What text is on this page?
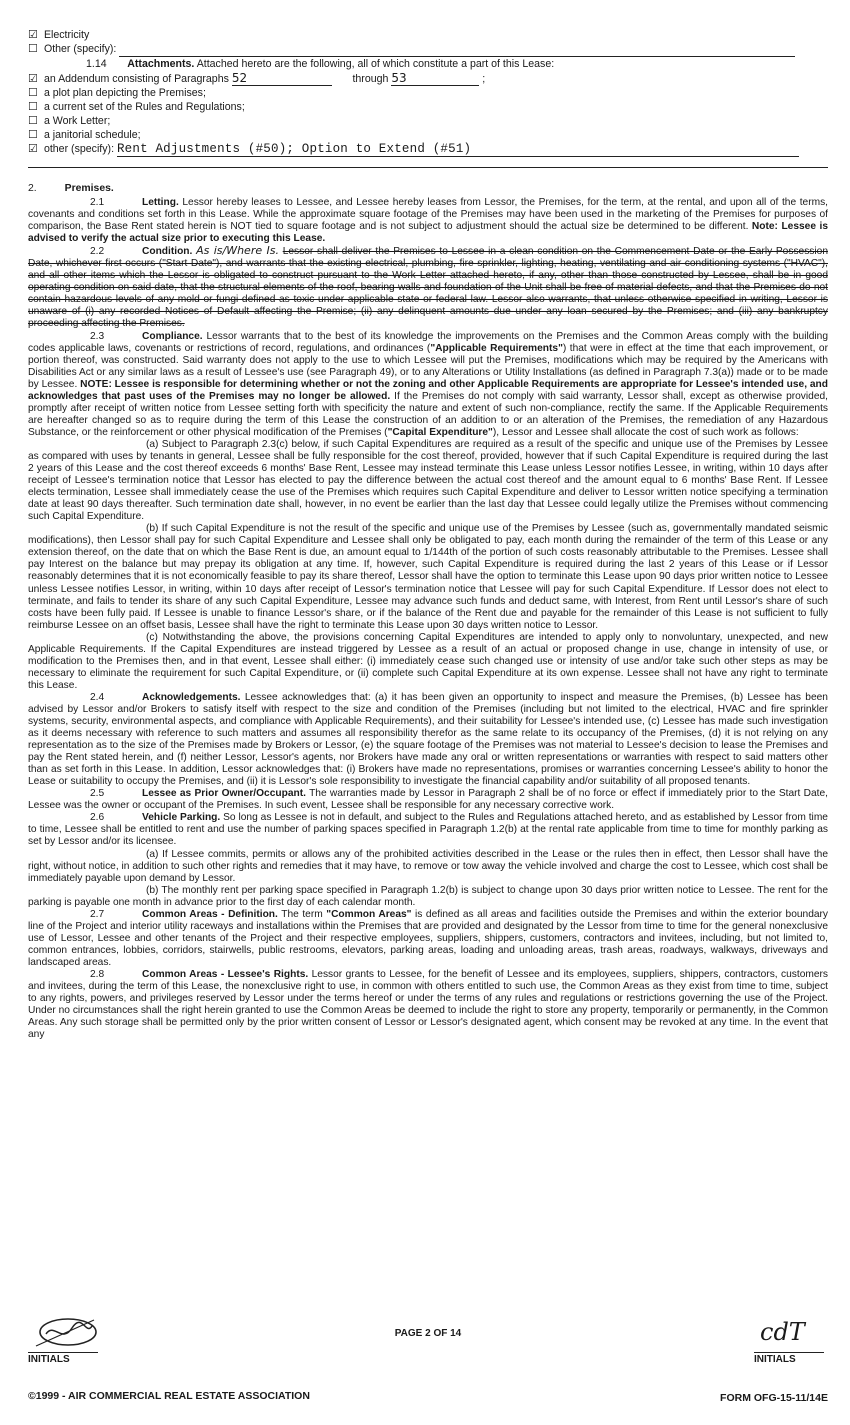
☑ Electricity
☐ Other (specify):
1.14 Attachments. Attached hereto are the following, all of which constitute a part of this Lease:
☑ an Addendum consisting of Paragraphs 52	through 53	;
☐ a plot plan depicting the Premises;
☐ a current set of the Rules and Regulations;
☐ a Work Letter;
☐ a janitorial schedule;
☑ other (specify): Rent Adjustments (#50); Option to Extend (#51)
2.	Premises.

2.1	Letting. Lessor hereby leases to Lessee, and Lessee hereby leases from Lessor, the Premises, for the term, at the rental, and upon all of the terms, covenants and conditions set forth in this Lease. While the approximate square footage of the Premises may have been used in the marketing of the Premises for purposes of comparison, the Base Rent stated herein is NOT tied to square footage and is not subject to adjustment should the actual size be determined to be different. Note: Lessee is advised to verify the actual size prior to executing this Lease.

2.2	Condition. As is/Where Is. Lessor shall deliver the Premises to Lessee in a clean condition on the Commencement Date or the Early Possession Date, whichever first occurs ("Start Date"), and warrants that the existing electrical, plumbing, fire sprinkler, lighting, heating, ventilating and air conditioning systems ("HVAC"), and all other items which the Lessor is obligated to construct pursuant to the Work Letter attached hereto, if any, other than those constructed by Lessee, shall be in good operating condition on said date, that the structural elements of the roof, bearing walls and foundation of the Unit shall be free of material defects, and that the Premises do not contain hazardous levels of any mold or fungi defined as toxic under applicable state or federal law. Lessor also warrants, that unless otherwise specified in writing, Lessor is unaware of (i) any recorded Notices of Default affecting the Premise; (ii) any delinquent amounts due under any loan secured by the Premises; and (iii) any bankruptcy proceeding affecting the Premises.

2.3	Compliance. Lessor warrants that to the best of its knowledge the improvements on the Premises and the Common Areas comply with the building codes applicable laws, covenants or restrictions of record, regulations, and ordinances ("Applicable Requirements") that were in effect at the time that each improvement, or portion thereof, was constructed. Said warranty does not apply to the use to which Lessee will put the Premises, modifications which may be required by the Americans with Disabilities Act or any similar laws as a result of Lessee's use (see Paragraph 49), or to any Alterations or Utility Installations (as defined in Paragraph 7.3(a)) made or to be made by Lessee. NOTE: Lessee is responsible for determining whether or not the zoning and other Applicable Requirements are appropriate for Lessee's intended use, and acknowledges that past uses of the Premises may no longer be allowed. If the Premises do not comply with said warranty, Lessor shall, except as otherwise provided, promptly after receipt of written notice from Lessee setting forth with specificity the nature and extent of such non-compliance, rectify the same. If the Applicable Requirements are hereafter changed so as to require during the term of this Lease the construction of an addition to or an alteration of the Premises, the remediation of any Hazardous Substance, or the reinforcement or other physical modification of the Premises ("Capital Expenditure"), Lessor and Lessee shall allocate the cost of such work as follows:

(a) Subject to Paragraph 2.3(c) below, if such Capital Expenditures are required as a result of the specific and unique use of the Premises by Lessee as compared with uses by tenants in general, Lessee shall be fully responsible for the cost thereof, provided, however that if such Capital Expenditure is required during the last 2 years of this Lease and the cost thereof exceeds 6 months' Base Rent, Lessee may instead terminate this Lease unless Lessor notifies Lessee, in writing, within 10 days after receipt of Lessee's termination notice that Lessor has elected to pay the difference between the actual cost thereof and the amount equal to 6 months' Base Rent. If Lessee elects termination, Lessee shall immediately cease the use of the Premises which requires such Capital Expenditure and deliver to Lessor written notice specifying a termination date at least 90 days thereafter. Such termination date shall, however, in no event be earlier than the last day that Lessee could legally utilize the Premises without commencing such Capital Expenditure.

(b) If such Capital Expenditure is not the result of the specific and unique use of the Premises by Lessee (such as, governmentally mandated seismic modifications), then Lessor shall pay for such Capital Expenditure and Lessee shall only be obligated to pay, each month during the remainder of the term of this Lease or any extension thereof, on the date that on which the Base Rent is due, an amount equal to 1/144th of the portion of such costs reasonably attributable to the Premises. Lessee shall pay Interest on the balance but may prepay its obligation at any time. If, however, such Capital Expenditure is required during the last 2 years of this Lease or if Lessor reasonably determines that it is not economically feasible to pay its share thereof, Lessor shall have the option to terminate this Lease upon 90 days prior written notice to Lessee unless Lessee notifies Lessor, in writing, within 10 days after receipt of Lessor's termination notice that Lessee will pay for such Capital Expenditure. If Lessor does not elect to terminate, and fails to tender its share of any such Capital Expenditure, Lessee may advance such funds and deduct same, with Interest, from Rent until Lessor's share of such costs have been fully paid. If Lessee is unable to finance Lessor's share, or if the balance of the Rent due and payable for the remainder of this Lease is not sufficient to fully reimburse Lessee on an offset basis, Lessee shall have the right to terminate this Lease upon 30 days written notice to Lessor.

(c) Notwithstanding the above, the provisions concerning Capital Expenditures are intended to apply only to nonvoluntary, unexpected, and new Applicable Requirements. If the Capital Expenditures are instead triggered by Lessee as a result of an actual or proposed change in use, change in intensity of use, or modification to the Premises then, and in that event, Lessee shall either: (i) immediately cease such changed use or intensity of use and/or take such other steps as may be necessary to eliminate the requirement for such Capital Expenditure, or (ii) complete such Capital Expenditure at its own expense. Lessee shall not have any right to terminate this Lease.

2.4	Acknowledgements. Lessee acknowledges that: (a) it has been given an opportunity to inspect and measure the Premises, (b) Lessee has been advised by Lessor and/or Brokers to satisfy itself with respect to the size and condition of the Premises (including but not limited to the electrical, HVAC and fire sprinkler systems, security, environmental aspects, and compliance with Applicable Requirements), and their suitability for Lessee's intended use, (c) Lessee has made such investigation as it deems necessary with reference to such matters and assumes all responsibility therefor as the same relate to its occupancy of the Premises, (d) it is not relying on any representation as to the size of the Premises made by Brokers or Lessor, (e) the square footage of the Premises was not material to Lessee's decision to lease the Premises and pay the Rent stated herein, and (f) neither Lessor, Lessor's agents, nor Brokers have made any oral or written representations or warranties with respect to said matters other than as set forth in this Lease. In addition, Lessor acknowledges that: (i) Brokers have made no representations, promises or warranties concerning Lessee's ability to honor the Lease or suitability to occupy the Premises, and (ii) it is Lessor's sole responsibility to investigate the financial capability and/or suitability of all proposed tenants.

2.5	Lessee as Prior Owner/Occupant. The warranties made by Lessor in Paragraph 2 shall be of no force or effect if immediately prior to the Start Date, Lessee was the owner or occupant of the Premises. In such event, Lessee shall be responsible for any necessary corrective work.

2.6	Vehicle Parking. So long as Lessee is not in default, and subject to the Rules and Regulations attached hereto, and as established by Lessor from time to time, Lessee shall be entitled to rent and use the number of parking spaces specified in Paragraph 1.2(b) at the rental rate applicable from time to time for monthly parking as set by Lessor and/or its licensee.

(a) If Lessee commits, permits or allows any of the prohibited activities described in the Lease or the rules then in effect, then Lessor shall have the right, without notice, in addition to such other rights and remedies that it may have, to remove or tow away the vehicle involved and charge the cost to Lessee, which cost shall be immediately payable upon demand by Lessor.

(b) The monthly rent per parking space specified in Paragraph 1.2(b) is subject to change upon 30 days prior written notice to Lessee. The rent for the parking is payable one month in advance prior to the first day of each calendar month.

2.7	Common Areas - Definition. The term "Common Areas" is defined as all areas and facilities outside the Premises and within the exterior boundary line of the Project and interior utility raceways and installations within the Premises that are provided and designated by the Lessor from time to time for the general nonexclusive use of Lessor, Lessee and other tenants of the Project and their respective employees, suppliers, shippers, customers, contractors and invitees, including, but not limited to, common entrances, lobbies, corridors, stairwells, public restrooms, elevators, parking areas, loading and unloading areas, trash areas, roadways, walkways, driveways and landscaped areas.

2.8	Common Areas - Lessee's Rights. Lessor grants to Lessee, for the benefit of Lessee and its employees, suppliers, shippers, contractors, customers and invitees, during the term of this Lease, the nonexclusive right to use, in common with others entitled to such use, the Common Areas as they exist from time to time, subject to any rights, powers, and privileges reserved by Lessor under the terms hereof or under the terms of any rules and regulations or restrictions governing the use of the Project. Under no circumstances shall the right herein granted to use the Common Areas be deemed to include the right to store any property, temporarily or permanently, in the Common Areas. Any such storage shall be permitted only by the prior written consent of Lessor or Lessor's designated agent, which consent may be revoked at any time. In the event that any

INITIALS
PAGE 2 OF 14	cdT
INITIALS
©1999 - AIR COMMERCIAL REAL ESTATE ASSOCIATION	FORM OFG-15-11/14E
